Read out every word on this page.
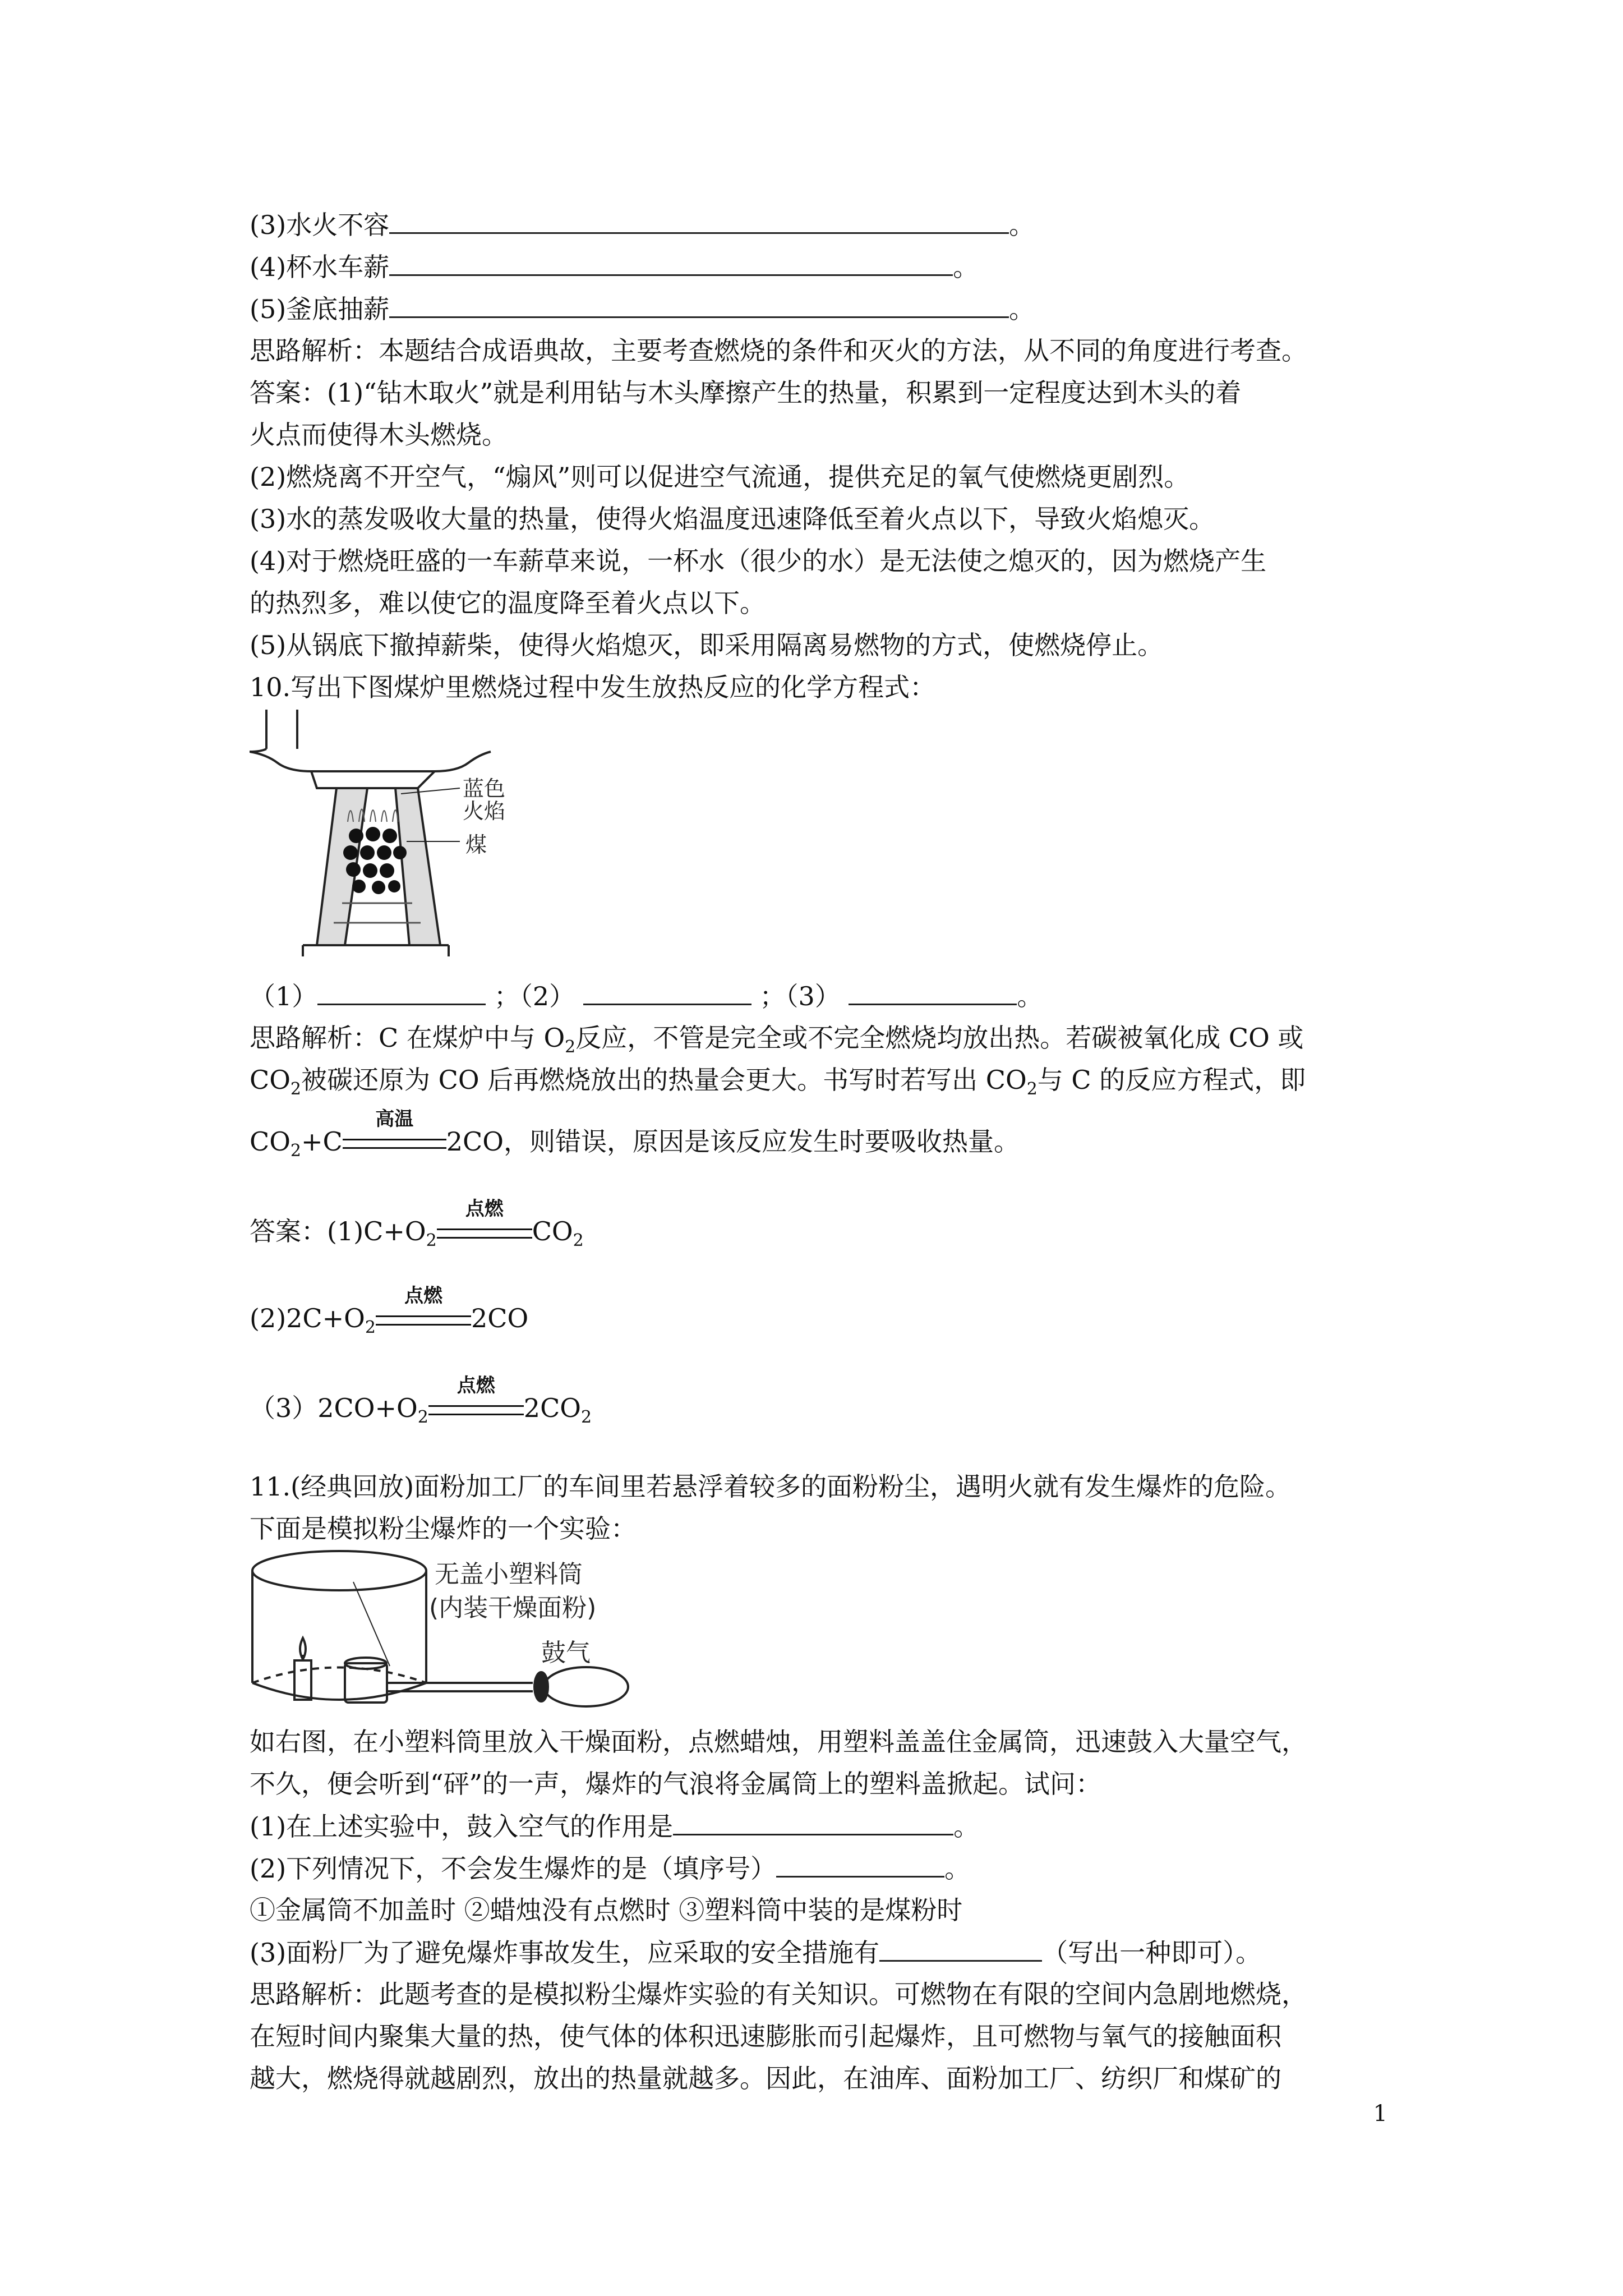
(3)水火不容	。
(4)杯水车薪	。
(5)釜底抽薪	。
思路解析：本题结合成语典故，主要考查燃烧的条件和灭火的方法，从不同的角度进行考查。
答案：(1)“钻木取火”就是利用钻与木头摩擦产生的热量，积累到一定程度达到木头的着
火点而使得木头燃烧。
(2)燃烧离不开空气，“煽风”则可以促进空气流通，提供充足的氧气使燃烧更剧烈。
(3)水的蒸发吸收大量的热量，使得火焰温度迅速降低至着火点以下，导致火焰熄灭。
(4)对于燃烧旺盛的一车薪草来说，一杯水（很少的水）是无法使之熄灭的，因为燃烧产生
的热烈多，难以使它的温度降至着火点以下。
(5)从锅底下撤掉薪柴，使得火焰熄灭，即采用隔离易燃物的方式，使燃烧停止。
10.写出下图煤炉里燃烧过程中发生放热反应的化学方程式：
蓝色
火焰
煤
（1）	；（2）	；（3）	。
思路解析：C 在煤炉中与 $O_2$反应，不管是完全或不完全燃烧均放出热。若碳被氧化成 CO 或
$CO_2$被碳还原为 CO 后再燃烧放出的热量会更大。书写时若写出 $CO_2$与 C 的反应方程式，即
$CO_2+C$
高温
2CO，则错误，原因是该反应发生时要吸收热量。
答案：$(1)C+O_2$
点燃
$CO_2$
$(2)2C+O_2$
点燃
2CO
$(3)2CO+O_2$
点燃
$2CO_2$
11.(经典回放)面粉加工厂的车间里若悬浮着较多的面粉粉尘，遇明火就有发生爆炸的危险。
下面是模拟粉尘爆炸的一个实验：
无盖小塑料筒
(内装干燥面粉)
鼓气
如右图，在小塑料筒里放入干燥面粉，点燃蜡烛，用塑料盖盖住金属筒，迅速鼓入大量空气，
不久，便会听到“砰”的一声，爆炸的气浪将金属筒上的塑料盖掀起。试问：
(1)在上述实验中，鼓入空气的作用是	。
(2)下列情况下，不会发生爆炸的是（填序号）	。
①金属筒不加盖时 ②蜡烛没有点燃时 ③塑料筒中装的是煤粉时
(3)面粉厂为了避免爆炸事故发生，应采取的安全措施有	（写出一种即可）。
思路解析：此题考查的是模拟粉尘爆炸实验的有关知识。可燃物在有限的空间内急剧地燃烧，
在短时间内聚集大量的热，使气体的体积迅速膨胀而引起爆炸，且可燃物与氧气的接触面积
越大，燃烧得就越剧烈，放出的热量就越多。因此，在油库、面粉加工厂、纺织厂和煤矿的
1
